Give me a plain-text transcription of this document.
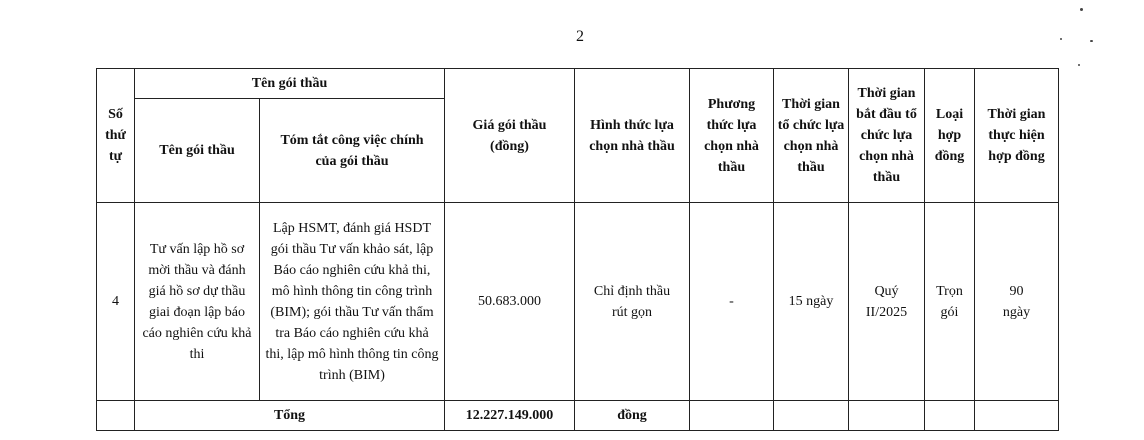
2
Số thứ tự	Tên gói thầu		Giá gói thầu (đồng)	Hình thức lựa chọn nhà thầu	Phương thức lựa chọn nhà thầu	Thời gian tổ chức lựa chọn nhà thầu	Thời gian bắt đầu tổ chức lựa chọn nhà thầu	Loại hợp đồng	Thời gian thực hiện hợp đồng
	Tên gói thầu	Tóm tắt công việc chính của gói thầu							
4	Tư vấn lập hồ sơ mời thầu và đánh giá hồ sơ dự thầu giai đoạn lập báo cáo nghiên cứu khả thi	Lập HSMT, đánh giá HSDT gói thầu Tư vấn khảo sát, lập Báo cáo nghiên cứu khả thi, mô hình thông tin công trình (BIM); gói thầu Tư vấn thẩm tra Báo cáo nghiên cứu khả thi, lập mô hình thông tin công trình (BIM)	50.683.000	Chỉ định thầu rút gọn	-	15 ngày	Quý II/2025	Trọn gói	90 ngày
	Tổng		12.227.149.000	đồng					
